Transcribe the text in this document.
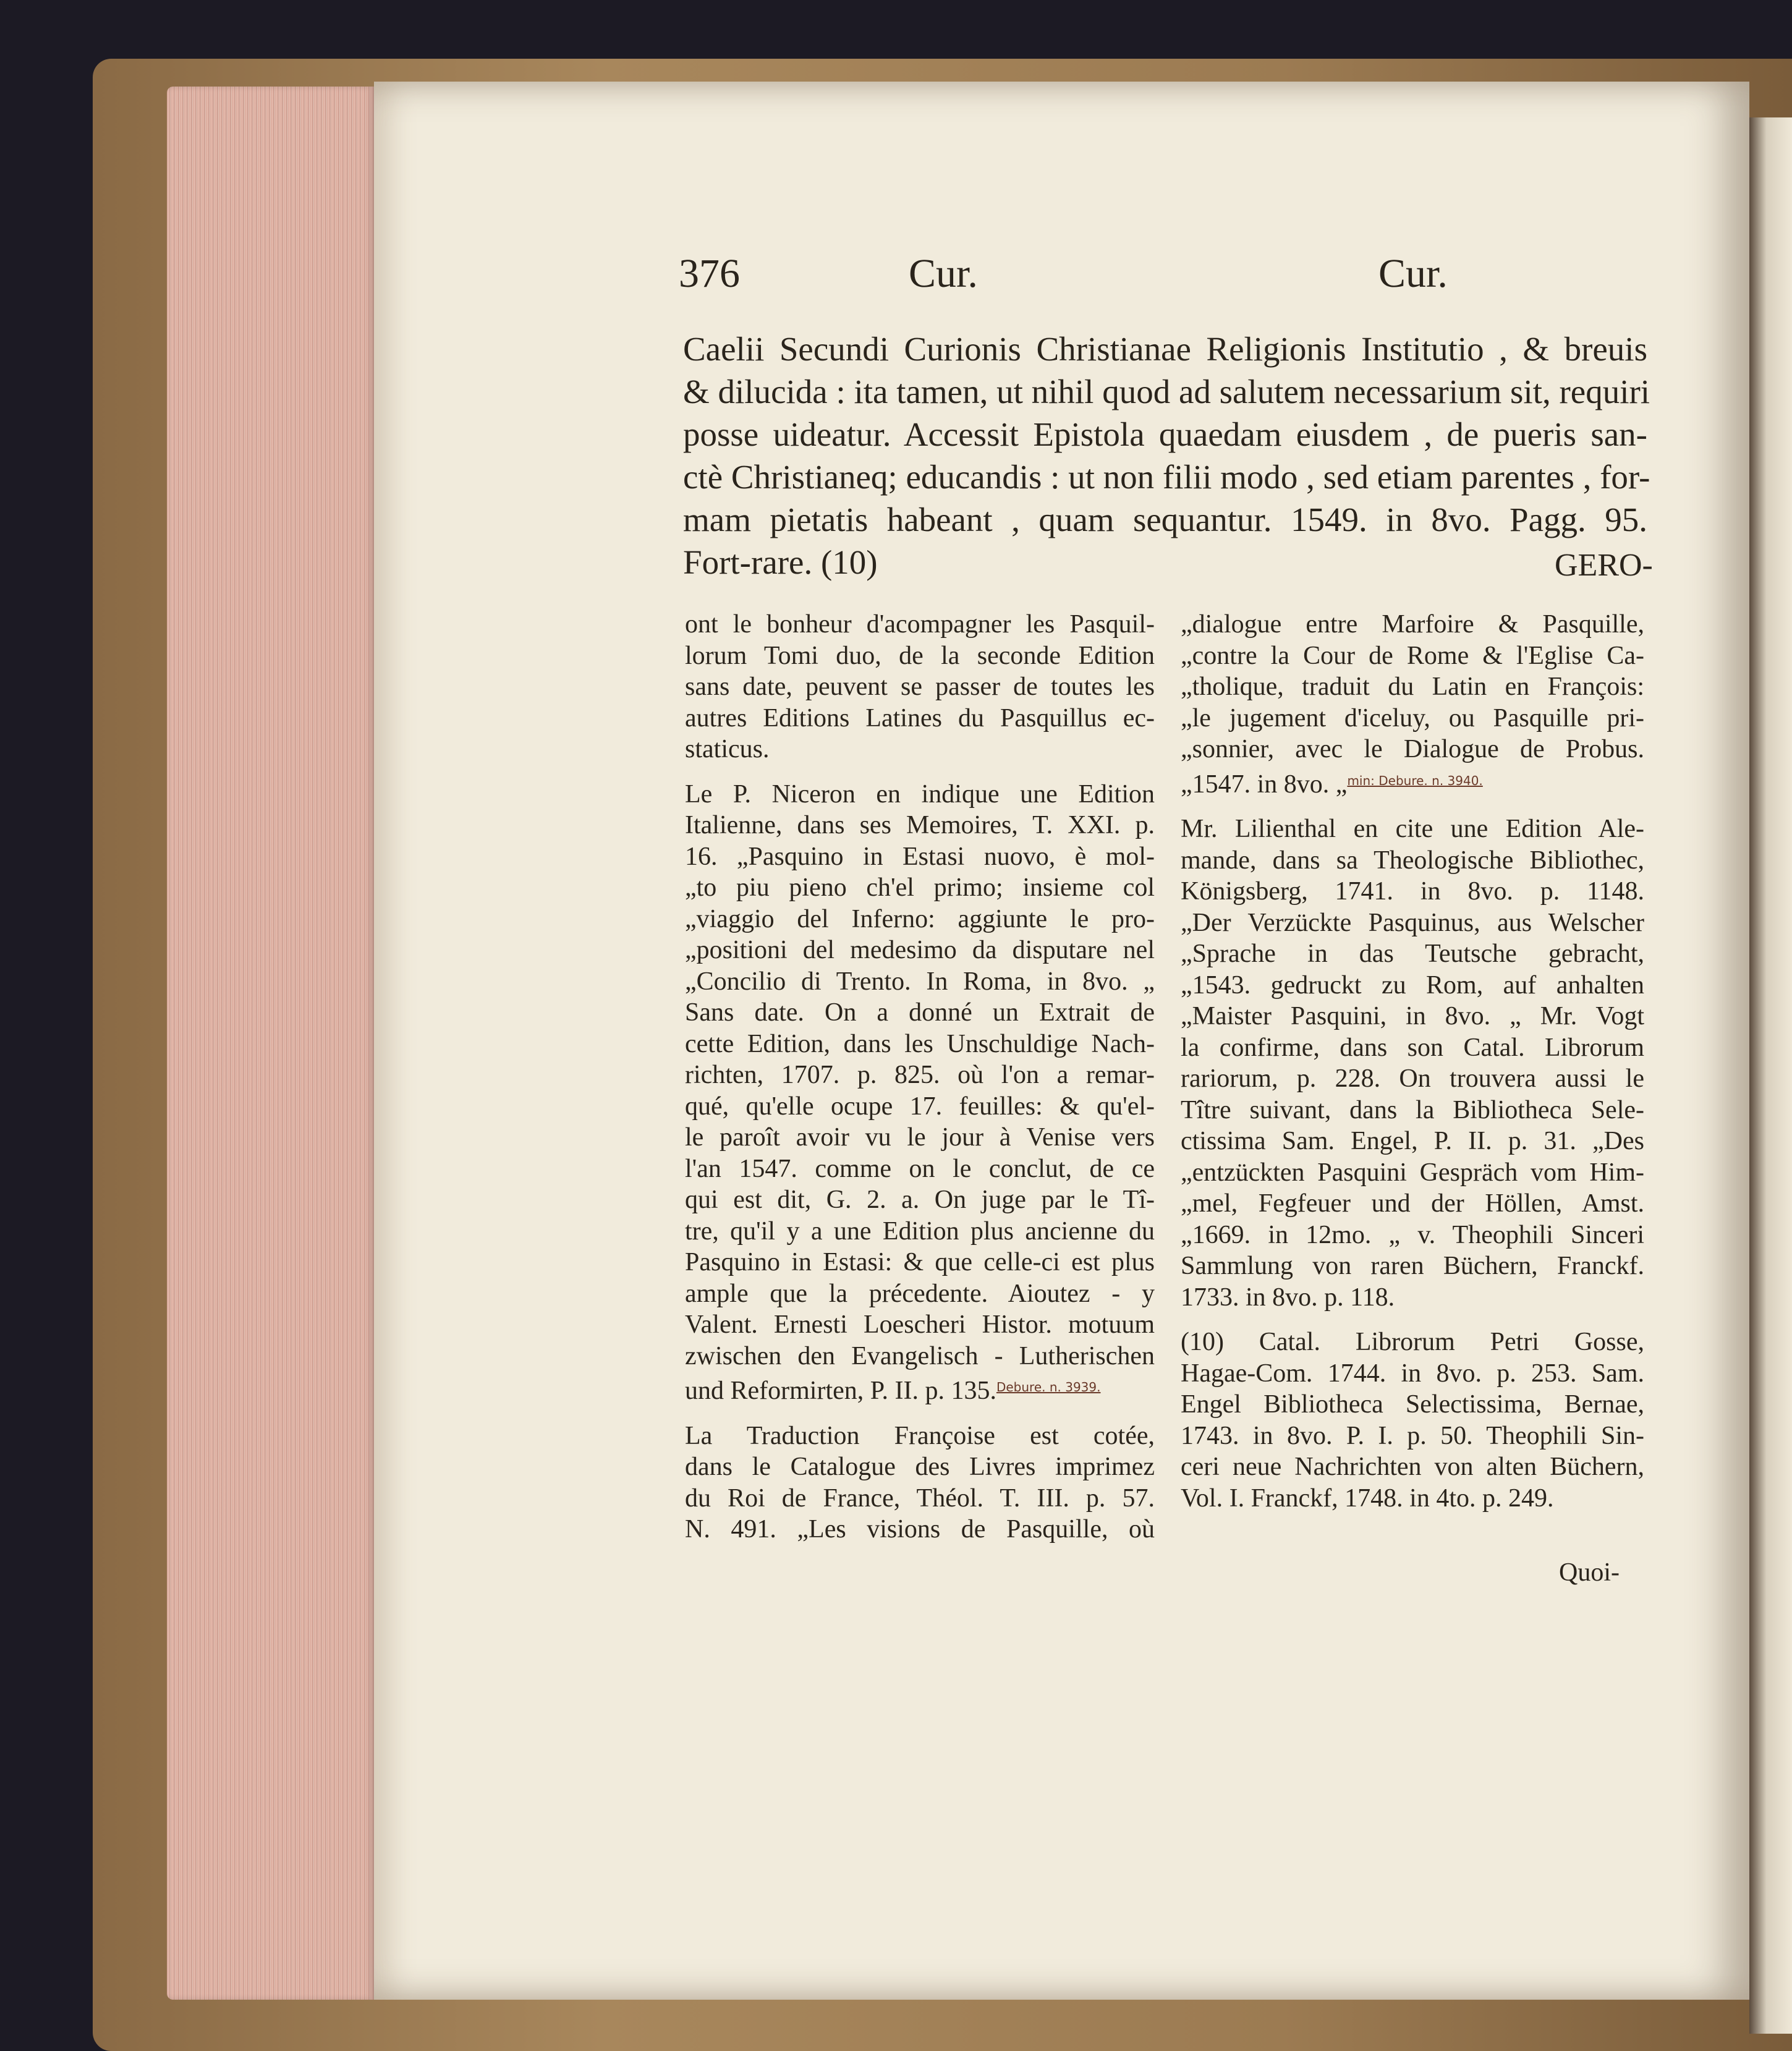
376	Cur.	Cur.
Caelii Secundi Curionis Christianae Religionis Institutio , & breuis
& dilucida : ita tamen, ut nihil quod ad salutem necessarium sit, requiri
posse uideatur. Accessit Epistola quaedam eiusdem , de pueris san-
ctè Christianeq; educandis : ut non filii modo , sed etiam parentes , for-
mam pietatis habeant , quam sequantur. 1549. in 8vo. Pagg. 95.
Fort-rare. (10)	GERO-
ont le bonheur d'acompagner les Pasquil-
lorum Tomi duo, de la seconde Edition
sans date, peuvent se passer de toutes les
autres Editions Latines du Pasquillus ec-
staticus.
Le P. Niceron en indique une Edition
Italienne, dans ses Memoires, T. XXI. p.
16. „Pasquino in Estasi nuovo, è mol-
„to piu pieno ch'el primo; insieme col
„viaggio del Inferno: aggiunte le pro-
„positioni del medesimo da disputare nel
„Concilio di Trento. In Roma, in 8vo. „
Sans date. On a donné un Extrait de
cette Edition, dans les Unschuldige Nach-
richten, 1707. p. 825. où l'on a remar-
qué, qu'elle ocupe 17. feuilles: & qu'el-
le paroît avoir vu le jour à Venise vers
l'an 1547. comme on le conclut, de ce
qui est dit, G. 2. a. On juge par le Tî-
tre, qu'il y a une Edition plus ancienne du
Pasquino in Estasi: & que celle-ci est plus
ample que la précedente. Aioutez - y
Valent. Ernesti Loescheri Histor. motuum
zwischen den Evangelisch - Lutherischen
und Reformirten, P. II. p. 135.$^{Debure. n. 3939.}$
La Traduction Françoise est cotée,
dans le Catalogue des Livres imprimez
du Roi de France, Théol. T. III. p. 57.
N. 491. „Les visions de Pasquille, où
„dialogue entre Marfoire & Pasquille,
„contre la Cour de Rome & l'Eglise Ca-
„tholique, traduit du Latin en François:
„le jugement d'iceluy, ou Pasquille pri-
„sonnier, avec le Dialogue de Probus.
„1547. in 8vo. „$^{min: Debure. n. 3940.}$
Mr. Lilienthal en cite une Edition Ale-
mande, dans sa Theologische Bibliothec,
Königsberg, 1741. in 8vo. p. 1148.
„Der Verzückte Pasquinus, aus Welscher
„Sprache in das Teutsche gebracht,
„1543. gedruckt zu Rom, auf anhalten
„Maister Pasquini, in 8vo. „ Mr. Vogt
la confirme, dans son Catal. Librorum
rariorum, p. 228. On trouvera aussi le
Tître suivant, dans la Bibliotheca Sele-
ctissima Sam. Engel, P. II. p. 31. „Des
„entzückten Pasquini Gespräch vom Him-
„mel, Fegfeuer und der Höllen, Amst.
„1669. in 12mo. „ v. Theophili Sinceri
Sammlung von raren Büchern, Franckf.
1733. in 8vo. p. 118.
(10) Catal. Librorum Petri Gosse,
Hagae-Com. 1744. in 8vo. p. 253. Sam.
Engel Bibliotheca Selectissima, Bernae,
1743. in 8vo. P. I. p. 50. Theophili Sin-
ceri neue Nachrichten von alten Büchern,
Vol. I. Franckf, 1748. in 4to. p. 249.
Quoi-
